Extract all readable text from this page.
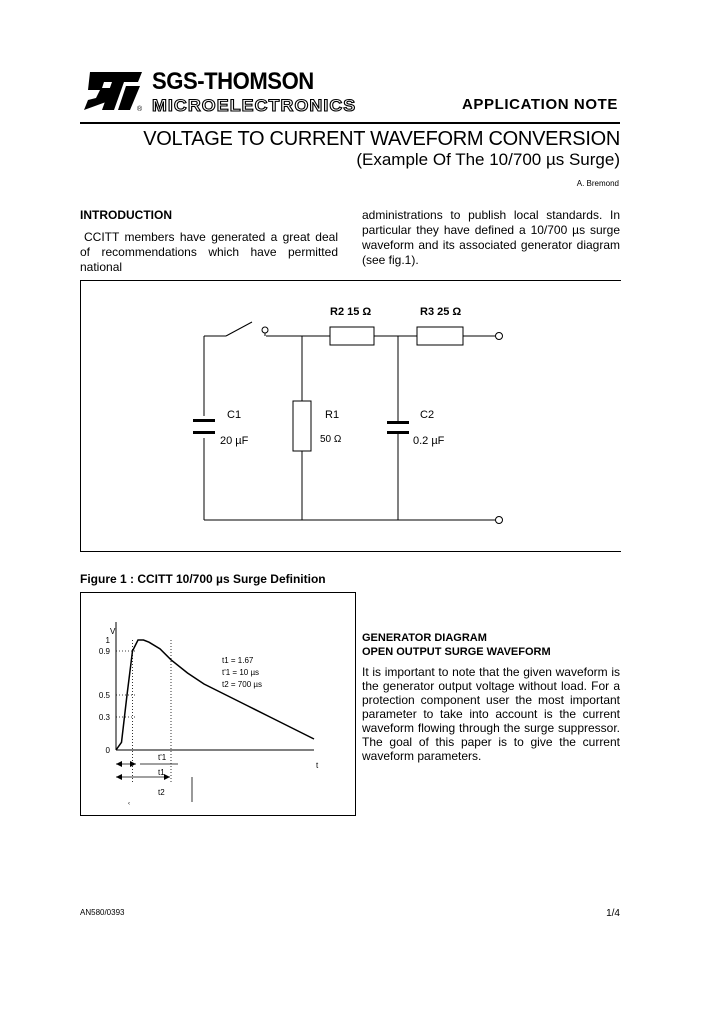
®
SGS-THOMSON
MICROELECTRONICS	APPLICATION NOTE
VOLTAGE TO CURRENT WAVEFORM CONVERSION
(Example Of The 10/700 µs Surge)
A. Bremond
INTRODUCTION
CCITT members have generated a great deal of recommendations which have permitted national
administrations to publish local standards. In particular they have defined a 10/700 µs surge waveform and its associated generator diagram (see fig.1).
R2 15 Ω	R3 25 Ω
C1
20 µF
R1
50 Ω
C2
0.2 µF
Figure 1 : CCITT 10/700 µs Surge Definition
0
0.3
0.5
0.9
1
V
t
t1 = 1.67
t'1 = 10 µs
t2 = 700 µs
t'1
t1
t2
‹
GENERATOR DIAGRAM
OPEN OUTPUT SURGE WAVEFORM
It is important to note that the given waveform is the generator output voltage without load. For a protection component user the most important parameter to take into account is the current waveform flowing through the surge suppressor. The goal of this paper is to give the current waveform parameters.
AN580/0393	1/4
